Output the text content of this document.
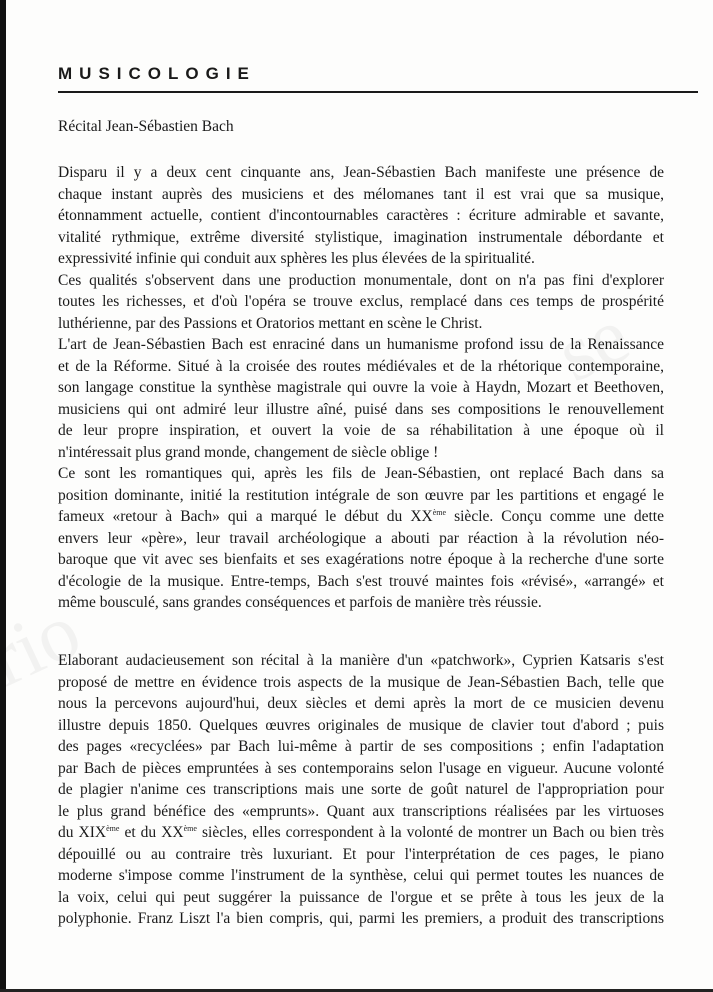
MUSICOLOGIE
Récital Jean-Sébastien Bach

Disparu il y a deux cent cinquante ans, Jean-Sébastien Bach manifeste une présence de
chaque instant auprès des musiciens et des mélomanes tant il est vrai que sa musique,
étonnamment actuelle, contient d'incontournables caractères : écriture admirable et savante,
vitalité rythmique, extrême diversité stylistique, imagination instrumentale débordante et
expressivité infinie qui conduit aux sphères les plus élevées de la spiritualité.

Ces qualités s'observent dans une production monumentale, dont on n'a pas fini d'explorer
toutes les richesses, et d'où l'opéra se trouve exclus, remplacé dans ces temps de prospérité
luthérienne, par des Passions et Oratorios mettant en scène le Christ.

L'art de Jean-Sébastien Bach est enraciné dans un humanisme profond issu de la Renaissance
et de la Réforme. Situé à la croisée des routes médiévales et de la rhétorique contemporaine,
son langage constitue la synthèse magistrale qui ouvre la voie à Haydn, Mozart et Beethoven,
musiciens qui ont admiré leur illustre aîné, puisé dans ses compositions le renouvellement
de leur propre inspiration, et ouvert la voie de sa réhabilitation à une époque où il
n'intéressait plus grand monde, changement de siècle oblige !

Ce sont les romantiques qui, après les fils de Jean-Sébastien, ont replacé Bach dans sa
position dominante, initié la restitution intégrale de son œuvre par les partitions et engagé le
fameux «retour à Bach» qui a marqué le début du XXème siècle. Conçu comme une dette
envers leur «père», leur travail archéologique a abouti par réaction à la révolution néo-
baroque que vit avec ses bienfaits et ses exagérations notre époque à la recherche d'une sorte
d'écologie de la musique. Entre-temps, Bach s'est trouvé maintes fois «révisé», «arrangé» et
même bousculé, sans grandes conséquences et parfois de manière très réussie.

Elaborant audacieusement son récital à la manière d'un «patchwork», Cyprien Katsaris s'est
proposé de mettre en évidence trois aspects de la musique de Jean-Sébastien Bach, telle que
nous la percevons aujourd'hui, deux siècles et demi après la mort de ce musicien devenu
illustre depuis 1850. Quelques œuvres originales de musique de clavier tout d'abord ; puis
des pages «recyclées» par Bach lui-même à partir de ses compositions ; enfin l'adaptation
par Bach de pièces empruntées à ses contemporains selon l'usage en vigueur. Aucune volonté
de plagier n'anime ces transcriptions mais une sorte de goût naturel de l'appropriation pour
le plus grand bénéfice des «emprunts». Quant aux transcriptions réalisées par les virtuoses
du XIXème et du XXème siècles, elles correspondent à la volonté de montrer un Bach ou bien très
dépouillé ou au contraire très luxuriant. Et pour l'interprétation de ces pages, le piano
moderne s'impose comme l'instrument de la synthèse, celui qui permet toutes les nuances de
la voix, celui qui peut suggérer la puissance de l'orgue et se prête à tous les jeux de la
polyphonie. Franz Liszt l'a bien compris, qui, parmi les premiers, a produit des transcriptions
